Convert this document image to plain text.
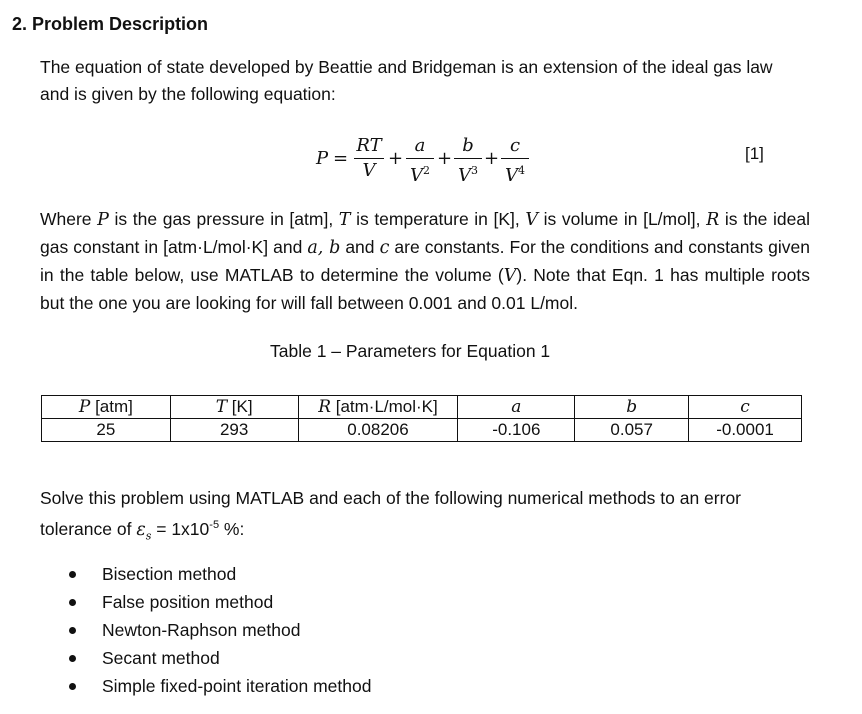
2. Problem Description
The equation of state developed by Beattie and Bridgeman is an extension of the ideal gas law and is given by the following equation:
P =
RT
V
+
a
$V^2$
+
b
$V^3$
+
c
$V^4$
[1]
Where P is the gas pressure in [atm], T is temperature in [K], V is volume in [L/mol], R is the ideal gas constant in [atm·L/mol·K] and a, b and c are constants. For the conditions and constants given in the table below, use MATLAB to determine the volume (V). Note that Eqn. 1 has multiple roots but the one you are looking for will fall between 0.001 and 0.01 L/mol.
Table 1 – Parameters for Equation 1
P [atm]	T [K]	R [atm·L/mol·K]	a	b	c
25	293	0.08206	-0.106	0.057	-0.0001
Solve this problem using MATLAB and each of the following numerical methods to an error tolerance of $\varepsilon_s = 1x10^{-5}$ %:
Bisection method
False position method
Newton-Raphson method
Secant method
Simple fixed-point iteration method
